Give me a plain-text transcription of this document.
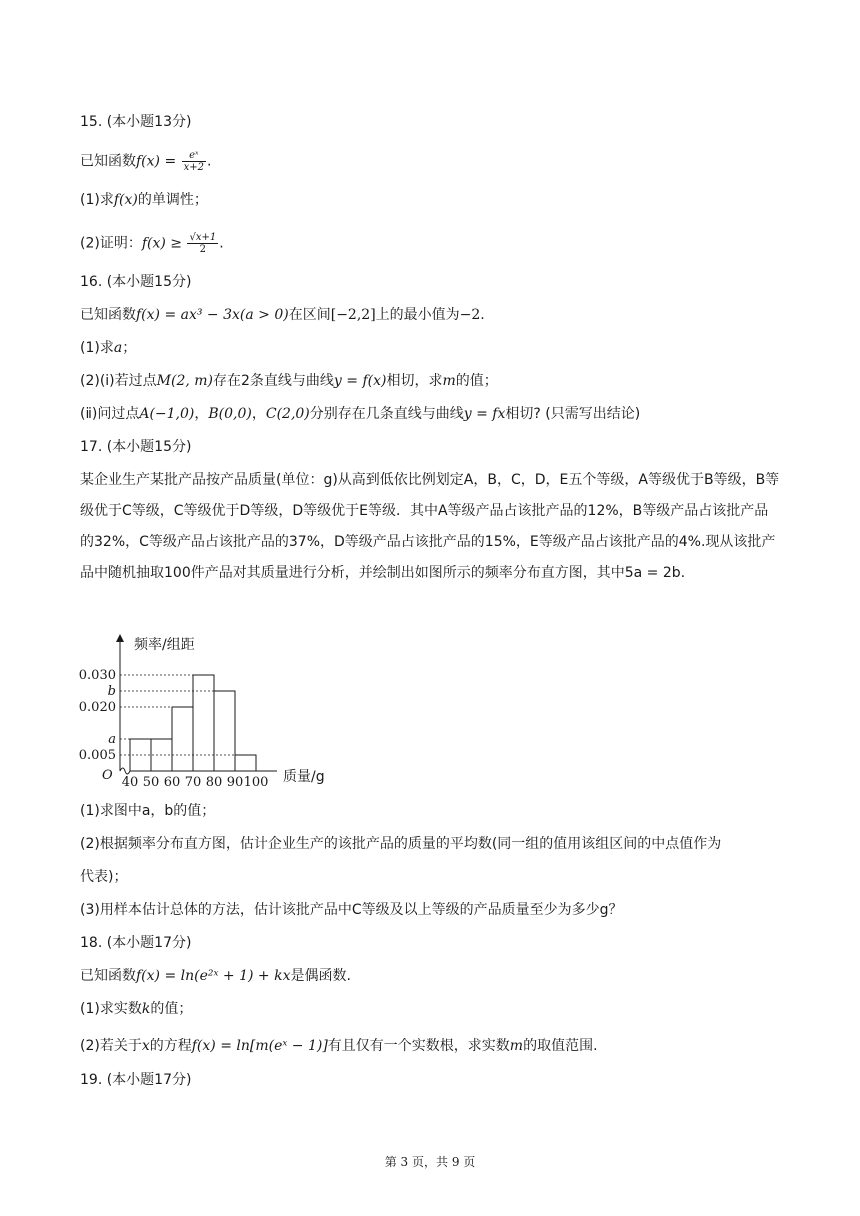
15. (本小题13分)
已知函数$f(x) = \frac{\text{eˣ}}{x+2}$ .
(1)求f(x)的单调性；
(2)证明：$f(x) \ge \frac{√x+1}{2}$ .
16. (本小题15分)
已知函数f(x) = ax³ − 3x(a > 0)在区间[−2,2]上的最小值为−2.
(1)求a；
(2)(ⅰ)若过点M(2, m)存在2条直线与曲线y = f(x)相切，求m的值；
(ⅱ)问过点A(−1,0)，B(0,0)，C(2,0)分别存在几条直线与曲线y = fx相切? (只需写出结论)
17. (本小题15分)
某企业生产某批产品按产品质量(单位：g)从高到低依比例划定A，B，C，D，E五个等级，A等级优于B等级，B等级优于C等级，C等级优于D等级，D等级优于E等级．其中A等级产品占该批产品的12%，B等级产品占该批产品的32%，C等级产品占该批产品的37%，D等级产品占该批产品的15%，E等级产品占该批产品的4%.现从该批产品中随机抽取100件产品对其质量进行分析，并绘制出如图所示的频率分布直方图，其中5a = 2b.
0.030
b
0.020
a
0.005
40 50 60 70 80 90 100
频率/组距
质量/g
O
(1)求图中a，b的值；
(2)根据频率分布直方图，估计企业生产的该批产品的质量的平均数(同一组的值用该组区间的中点值作为
代表)；
(3)用样本估计总体的方法，估计该批产品中C等级及以上等级的产品质量至少为多少g？
18. (本小题17分)
已知函数f(x) = ln(e²ˣ + 1) + kx是偶函数.
(1)求实数k的值；
(2)若关于x的方程f(x) = ln[m(eˣ − 1)]有且仅有一个实数根，求实数m的取值范围.
19. (本小题17分)
第 3 页，共 9 页
